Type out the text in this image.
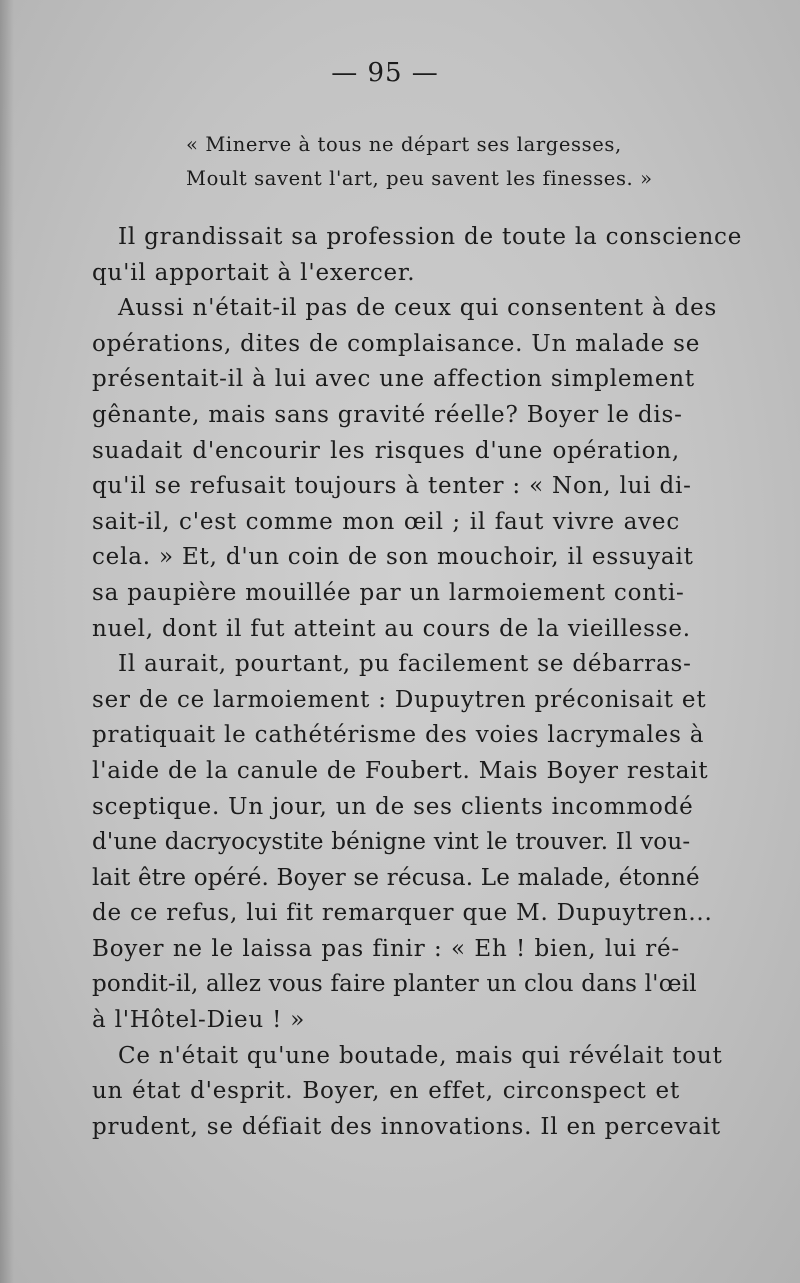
— 95 —
« Minerve à tous ne départ ses largesses,
Moult savent l'art, peu savent les finesses. »
Il grandissait sa profession de toute la conscience
qu'il apportait à l'exercer.
Aussi n'était-il pas de ceux qui consentent à des
opérations, dites de complaisance. Un malade se
présentait-il à lui avec une affection simplement
gênante, mais sans gravité réelle? Boyer le dis-
suadait d'encourir les risques d'une opération,
qu'il se refusait toujours à tenter : « Non, lui di-
sait-il, c'est comme mon œil ; il faut vivre avec
cela. » Et, d'un coin de son mouchoir, il essuyait
sa paupière mouillée par un larmoiement conti-
nuel, dont il fut atteint au cours de la vieillesse.
Il aurait, pourtant, pu facilement se débarras-
ser de ce larmoiement : Dupuytren préconisait et
pratiquait le cathétérisme des voies lacrymales à
l'aide de la canule de Foubert. Mais Boyer restait
sceptique. Un jour, un de ses clients incommodé
d'une dacryocystite bénigne vint le trouver. Il vou-
lait être opéré. Boyer se récusa. Le malade, étonné
de ce refus, lui fit remarquer que M. Dupuytren...
Boyer ne le laissa pas finir : « Eh ! bien, lui ré-
pondit-il, allez vous faire planter un clou dans l'œil
à l'Hôtel-Dieu ! »
Ce n'était qu'une boutade, mais qui révélait tout
un état d'esprit. Boyer, en effet, circonspect et
prudent, se défiait des innovations. Il en percevait
